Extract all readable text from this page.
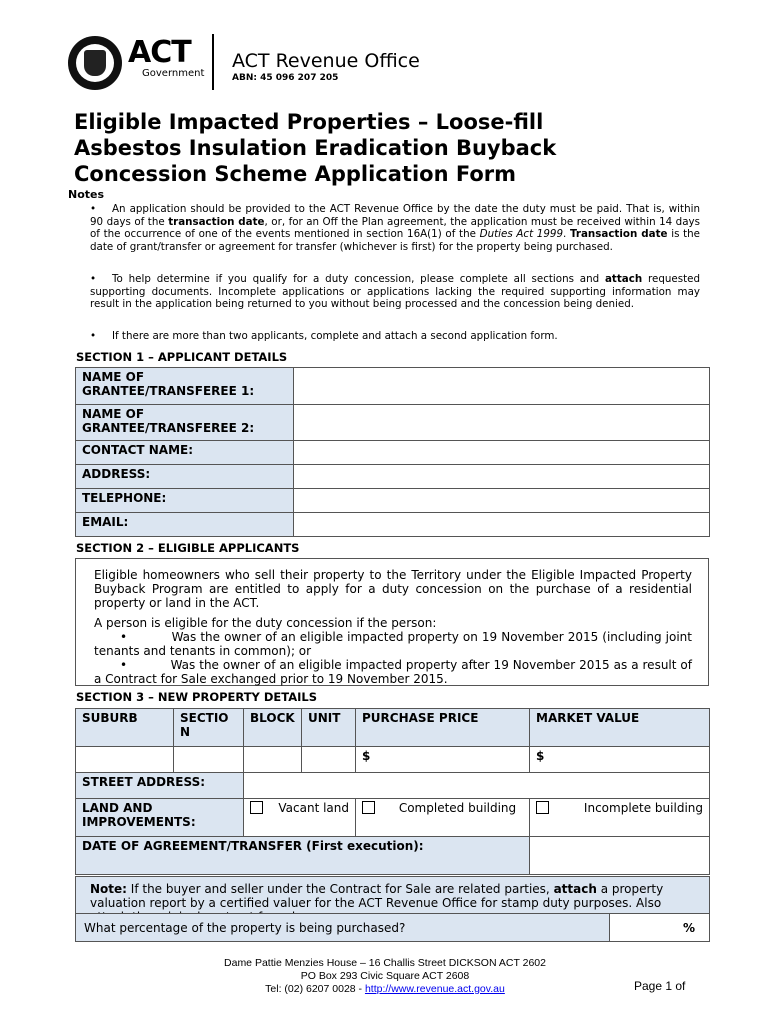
ACT
Government
ACT Revenue Office
ABN: 45 096 207 205
Eligible Impacted Properties – Loose-fill Asbestos Insulation Eradication Buyback Concession Scheme Application Form
Notes
•	An application should be provided to the ACT Revenue Office by the date the duty must be paid. That is, within 90 days of the transaction date, or, for an Off the Plan agreement, the application must be received within 14 days of the occurrence of one of the events mentioned in section 16A(1) of the Duties Act 1999. Transaction date is the date of grant/transfer or agreement for transfer (whichever is first) for the property being purchased.
•	To help determine if you qualify for a duty concession, please complete all sections and attach requested supporting documents. Incomplete applications or applications lacking the required supporting information may result in the application being returned to you without being processed and the concession being denied.
•	If there are more than two applicants, complete and attach a second application form.
SECTION 1 – APPLICANT DETAILS
NAME OF GRANTEE/TRANSFEREE 1:	
NAME OF GRANTEE/TRANSFEREE 2:	
CONTACT NAME:	
ADDRESS:	
TELEPHONE:	
EMAIL:	
SECTION 2 – ELIGIBLE APPLICANTS

Eligible homeowners who sell their property to the Territory under the Eligible Impacted Property Buyback Program are entitled to apply for a duty concession on the purchase of a residential property or land in the ACT.

A person is eligible for the duty concession if the person:

•	Was the owner of an eligible impacted property on 19 November 2015 (including joint tenants and tenants in common); or

•	Was the owner of an eligible impacted property after 19 November 2015 as a result of a Contract for Sale exchanged prior to 19 November 2015.

SECTION 3 – NEW PROPERTY DETAILS
SUBURB	SECTION	BLOCK	UNIT	PURCHASE PRICE	MARKET VALUE
				$	$
STREET ADDRESS:					
LAND AND IMPROVEMENTS:		Vacant land		Completed building	Incomplete building

DATE OF AGREEMENT/TRANSFER (First execution):					
Note: If the buyer and seller under the Contract for Sale are related parties, attach a property valuation report by a certified valuer for the ACT Revenue Office for stamp duty purposes. Also
What percentage of the property is being purchased?	%
Dame Pattie Menzies House – 16 Challis Street DICKSON ACT 2602
PO Box 293 Civic Square ACT 2608
Tel: (02) 6207 0028 - http://www.revenue.act.gov.au	Page 1 of
